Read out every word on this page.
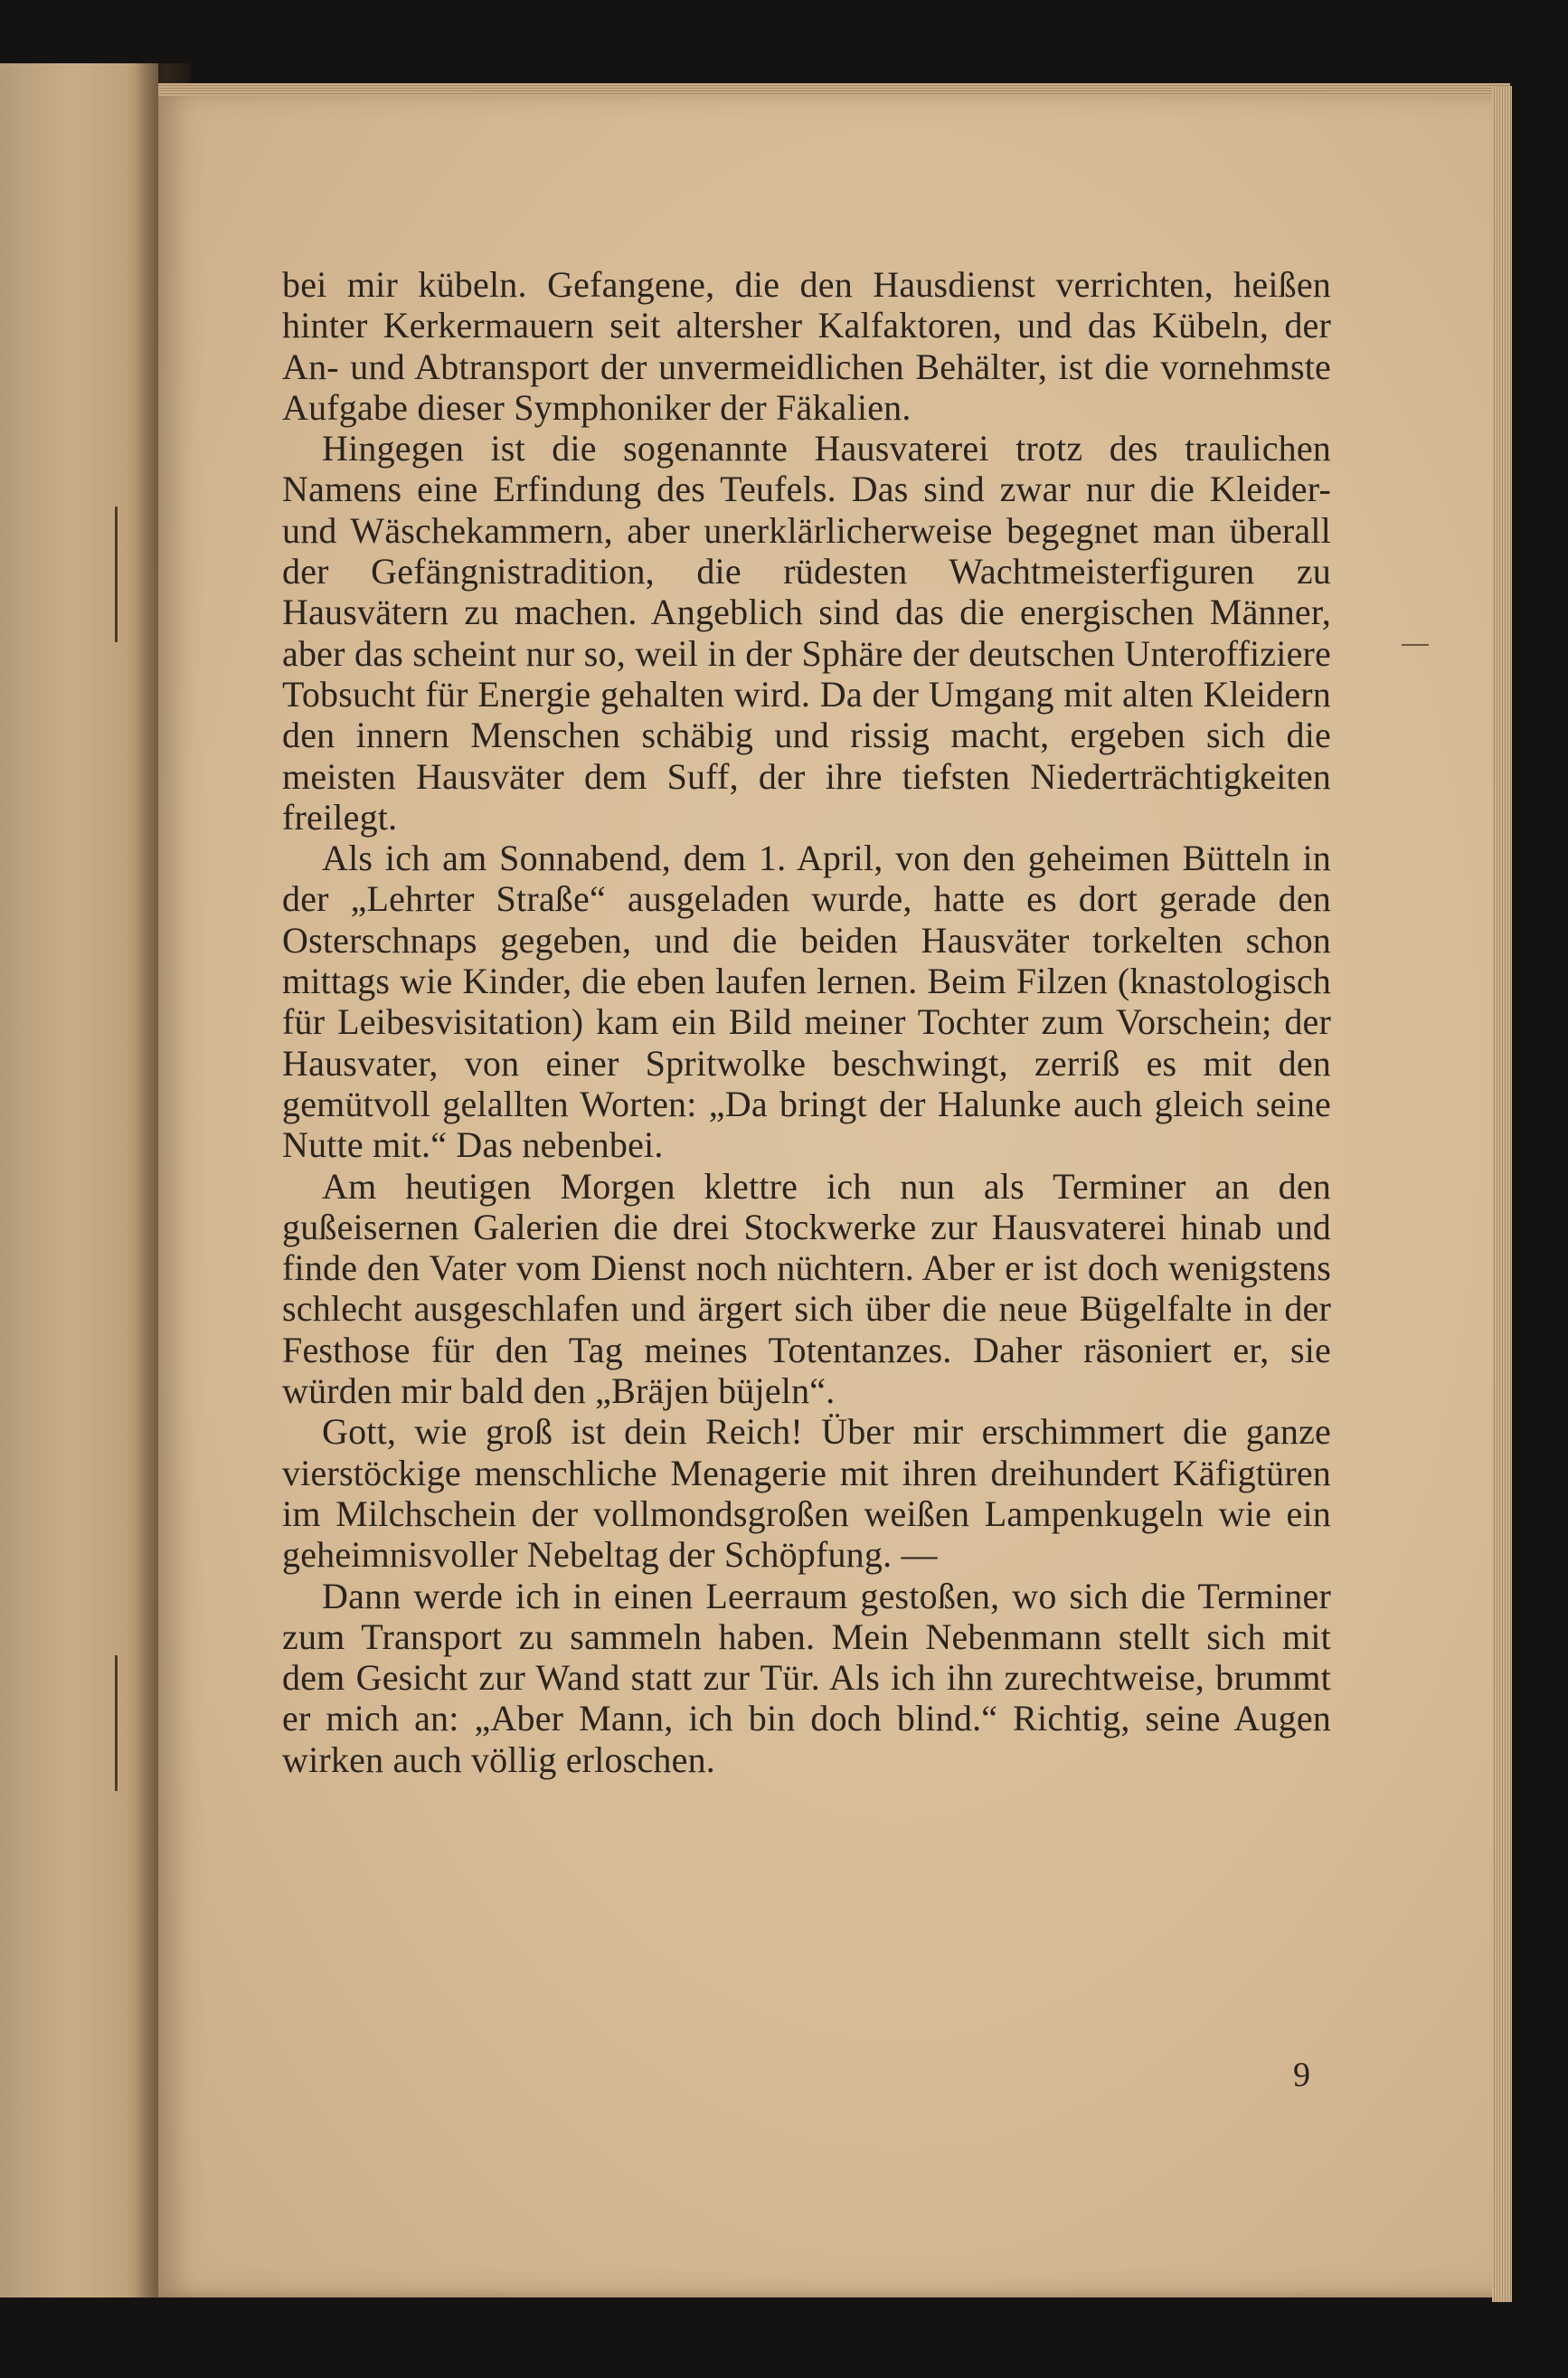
bei mir kübeln. Gefangene, die den Hausdienst verrichten, heißen hinter Kerkermauern seit altersher Kalfaktoren, und das Kübeln, der An- und Abtransport der unvermeidlichen Behälter, ist die vornehmste Aufgabe dieser Symphoniker der Fäkalien.

Hingegen ist die sogenannte Hausvaterei trotz des traulichen Namens eine Erfindung des Teufels. Das sind zwar nur die Kleider- und Wäschekammern, aber unerklärlicherweise begegnet man überall der Gefängnistradition, die rüdesten Wachtmeisterfiguren zu Hausvätern zu machen. Angeblich sind das die energischen Männer, aber das scheint nur so, weil in der Sphäre der deutschen Unteroffiziere Tobsucht für Energie gehalten wird. Da der Umgang mit alten Kleidern den innern Menschen schäbig und rissig macht, ergeben sich die meisten Hausväter dem Suff, der ihre tiefsten Niederträchtigkeiten freilegt.

Als ich am Sonnabend, dem 1. April, von den geheimen Bütteln in der „Lehrter Straße“ ausgeladen wurde, hatte es dort gerade den Osterschnaps gegeben, und die beiden Hausväter torkelten schon mittags wie Kinder, die eben laufen lernen. Beim Filzen (knastologisch für Leibesvisitation) kam ein Bild meiner Tochter zum Vorschein; der Hausvater, von einer Spritwolke beschwingt, zerriß es mit den gemütvoll gelallten Worten: „Da bringt der Halunke auch gleich seine Nutte mit.“ Das nebenbei.

Am heutigen Morgen klettre ich nun als Terminer an den gußeisernen Galerien die drei Stockwerke zur Hausvaterei hinab und finde den Vater vom Dienst noch nüchtern. Aber er ist doch wenigstens schlecht ausgeschlafen und ärgert sich über die neue Bügelfalte in der Festhose für den Tag meines Totentanzes. Daher räsoniert er, sie würden mir bald den „Bräjen büjeln“.

Gott, wie groß ist dein Reich! Über mir erschimmert die ganze vierstöckige menschliche Menagerie mit ihren dreihundert Käfigtüren im Milchschein der vollmondsgroßen weißen Lampenkugeln wie ein geheimnisvoller Nebeltag der Schöpfung. —

Dann werde ich in einen Leerraum gestoßen, wo sich die Terminer zum Transport zu sammeln haben. Mein Nebenmann stellt sich mit dem Gesicht zur Wand statt zur Tür. Als ich ihn zurechtweise, brummt er mich an: „Aber Mann, ich bin doch blind.“ Richtig, seine Augen wirken auch völlig erloschen.

9
